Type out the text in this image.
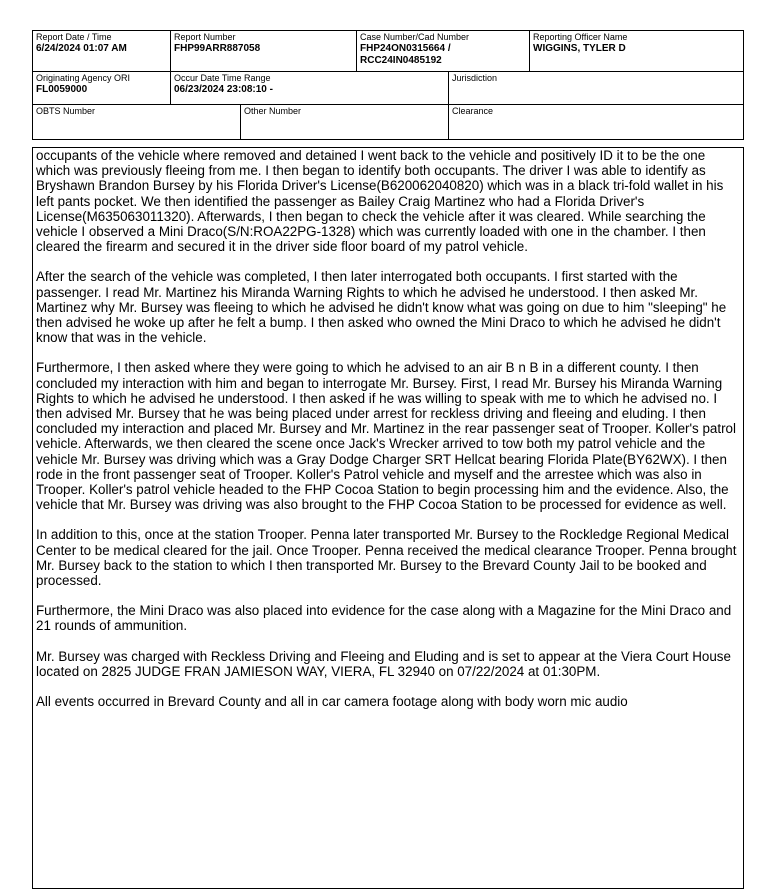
Report Date / Time
6/24/2024 01:07 AM
Report Number
FHP99ARR887058
Case Number/Cad Number
FHP24ON0315664 /
RCC24IN0485192
Reporting Officer Name
WIGGINS, TYLER D
Originating Agency ORI
FL0059000
Occur Date Time Range
06/23/2024 23:08:10 -
Jurisdiction
OBTS Number	Other Number	Clearance

occupants of the vehicle where removed and detained I went back to the vehicle and positively ID it to be the one which was previously fleeing from me. I then began to identify both occupants. The driver I was able to identify as Bryshawn Brandon Bursey by his Florida Driver's License(B620062040820) which was in a black tri-fold wallet in his left pants pocket. We then identified the passenger as Bailey Craig Martinez who had a Florida Driver's License(M635063011320). Afterwards, I then began to check the vehicle after it was cleared. While searching the vehicle I observed a Mini Draco(S/N:ROA22PG-1328) which was currently loaded with one in the chamber. I then cleared the firearm and secured it in the driver side floor board of my patrol vehicle.

After the search of the vehicle was completed, I then later interrogated both occupants. I first started with the passenger. I read Mr. Martinez his Miranda Warning Rights to which he advised he understood. I then asked Mr. Martinez why Mr. Bursey was fleeing to which he advised he didn't know what was going on due to him "sleeping" he then advised he woke up after he felt a bump. I then asked who owned the Mini Draco to which he advised he didn't know that was in the vehicle.

Furthermore, I then asked where they were going to which he advised to an air B n B in a different county. I then concluded my interaction with him and began to interrogate Mr. Bursey. First, I read Mr. Bursey his Miranda Warning Rights to which he advised he understood. I then asked if he was willing to speak with me to which he advised no. I then advised Mr. Bursey that he was being placed under arrest for reckless driving and fleeing and eluding. I then concluded my interaction and placed Mr. Bursey and Mr. Martinez in the rear passenger seat of Trooper. Koller's patrol vehicle. Afterwards, we then cleared the scene once Jack's Wrecker arrived to tow both my patrol vehicle and the vehicle Mr. Bursey was driving which was a Gray Dodge Charger SRT Hellcat bearing Florida Plate(BY62WX). I then rode in the front passenger seat of Trooper. Koller's Patrol vehicle and myself and the arrestee which was also in Trooper. Koller's patrol vehicle headed to the FHP Cocoa Station to begin processing him and the evidence. Also, the vehicle that Mr. Bursey was driving was also brought to the FHP Cocoa Station to be processed for evidence as well.

In addition to this, once at the station Trooper. Penna later transported Mr. Bursey to the Rockledge Regional Medical Center to be medical cleared for the jail. Once Trooper. Penna received the medical clearance Trooper. Penna brought Mr. Bursey back to the station to which I then transported Mr. Bursey to the Brevard County Jail to be booked and processed.

Furthermore, the Mini Draco was also placed into evidence for the case along with a Magazine for the Mini Draco and 21 rounds of ammunition.

Mr. Bursey was charged with Reckless Driving and Fleeing and Eluding and is set to appear at the Viera Court House located on 2825 JUDGE FRAN JAMIESON WAY, VIERA, FL 32940 on 07/22/2024 at 01:30PM.

All events occurred in Brevard County and all in car camera footage along with body worn mic audio
